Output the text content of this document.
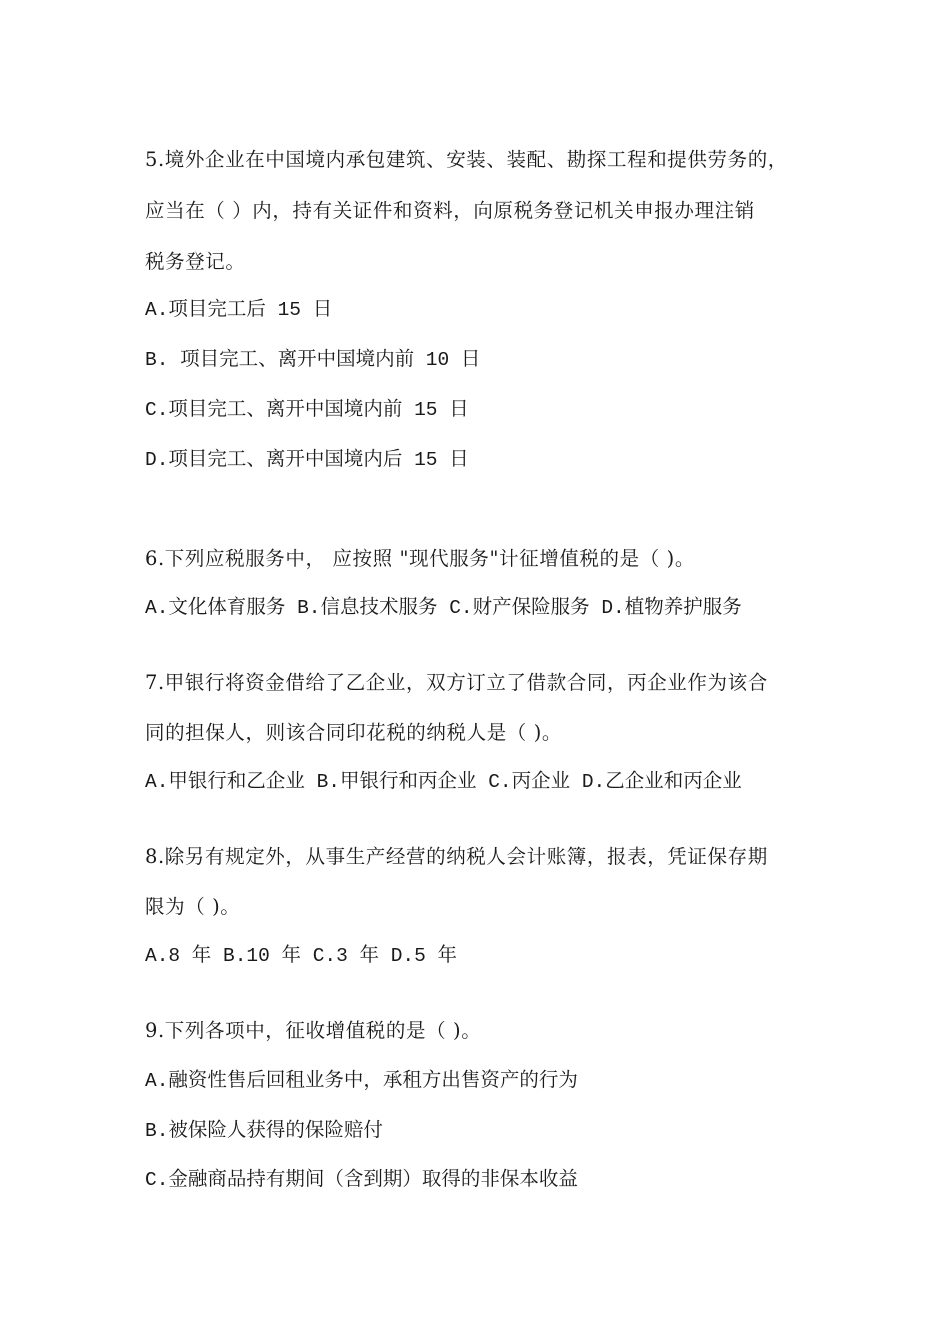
5.境外企业在中国境内承包建筑、安装、装配、勘探工程和提供劳务的，
应当在（ ）内，持有关证件和资料，向原税务登记机关申报办理注销
税务登记。
A.项目完工后 15 日
B. 项目完工、离开中国境内前 10 日
C.项目完工、离开中国境内前 15 日
D.项目完工、离开中国境内后 15 日
6.下列应税服务中， 应按照 "现代服务"计征增值税的是（ )。
A.文化体育服务 B.信息技术服务 C.财产保险服务 D.植物养护服务
7.甲银行将资金借给了乙企业，双方订立了借款合同，丙企业作为该合
同的担保人，则该合同印花税的纳税人是（ )。
A.甲银行和乙企业 B.甲银行和丙企业 C.丙企业 D.乙企业和丙企业
8.除另有规定外，从事生产经营的纳税人会计账簿，报表，凭证保存期
限为（ )。
A.8 年 B.10 年 C.3 年 D.5 年
9.下列各项中，征收增值税的是（ )。
A.融资性售后回租业务中，承租方出售资产的行为
B.被保险人获得的保险赔付
C.金融商品持有期间（含到期）取得的非保本收益
